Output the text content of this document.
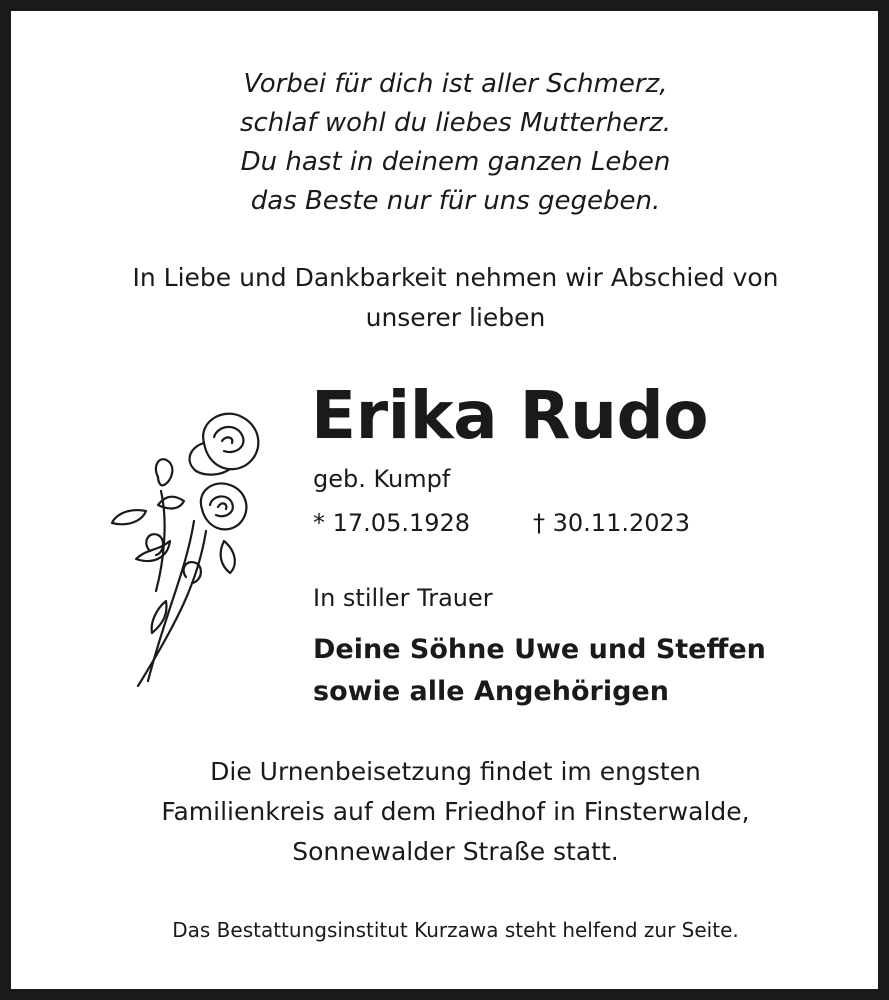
Vorbei für dich ist aller Schmerz,
schlaf wohl du liebes Mutterherz.
Du hast in deinem ganzen Leben
das Beste nur für uns gegeben.
In Liebe und Dankbarkeit nehmen wir Abschied von
unserer lieben
Erika Rudo
geb. Kumpf
* 17.05.1928	† 30.11.2023
In stiller Trauer
Deine Söhne Uwe und Steffen
sowie alle Angehörigen
Die Urnenbeisetzung findet im engsten
Familienkreis auf dem Friedhof in Finsterwalde,
Sonnewalder Straße statt.
Das Bestattungsinstitut Kurzawa steht helfend zur Seite.
